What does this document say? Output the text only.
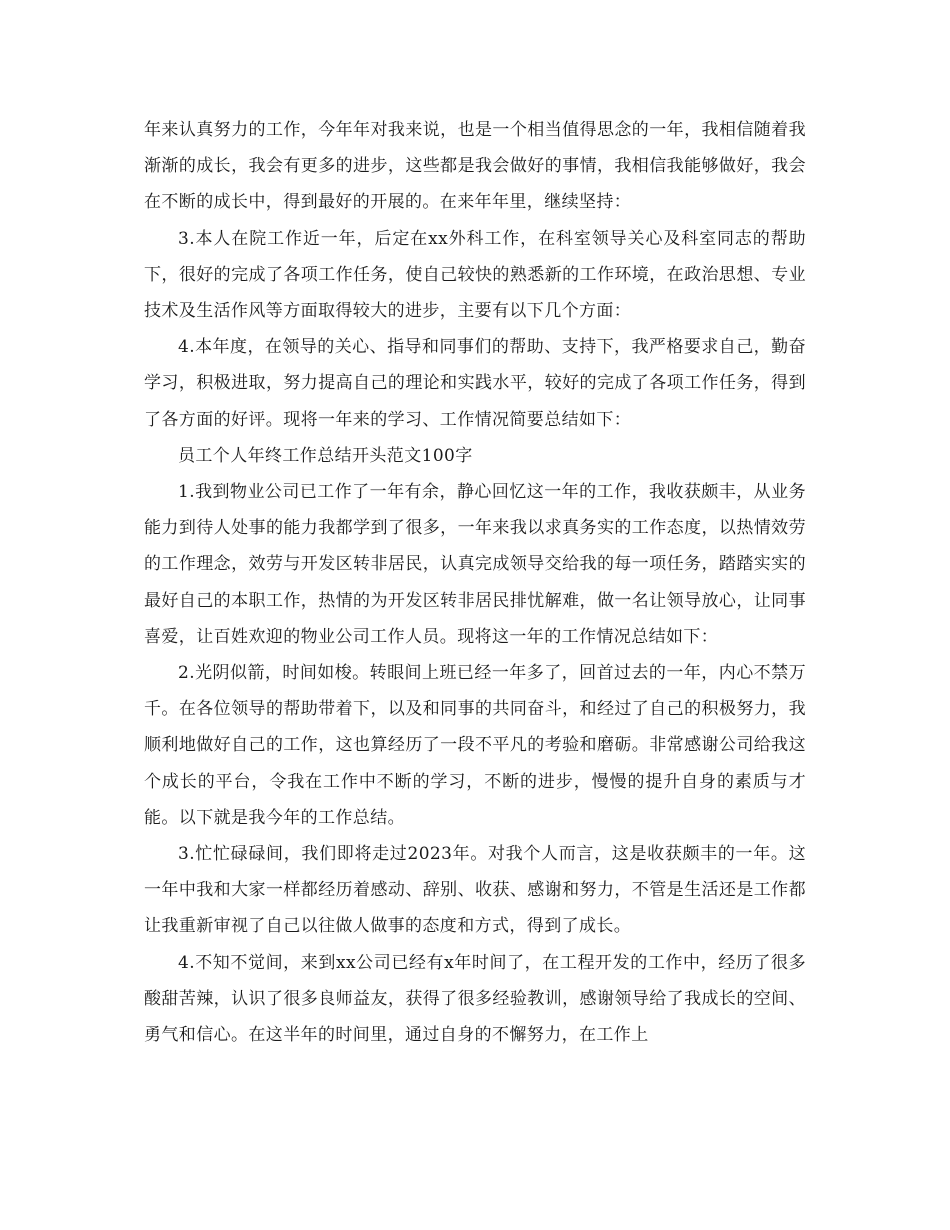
年来认真努力的工作，今年年对我来说，也是一个相当值得思念的一年，我相信随着我渐渐的成长，我会有更多的进步，这些都是我会做好的事情，我相信我能够做好，我会在不断的成长中，得到最好的开展的。在来年年里，继续坚持：

3.本人在院工作近一年，后定在xx外科工作，在科室领导关心及科室同志的帮助下，很好的完成了各项工作任务，使自己较快的熟悉新的工作环境，在政治思想、专业技术及生活作风等方面取得较大的进步，主要有以下几个方面：

4.本年度，在领导的关心、指导和同事们的帮助、支持下，我严格要求自己，勤奋学习，积极进取，努力提高自己的理论和实践水平，较好的完成了各项工作任务，得到了各方面的好评。现将一年来的学习、工作情况简要总结如下：

员工个人年终工作总结开头范文100字

1.我到物业公司已工作了一年有余，静心回忆这一年的工作，我收获颇丰，从业务能力到待人处事的能力我都学到了很多，一年来我以求真务实的工作态度，以热情效劳的工作理念，效劳与开发区转非居民，认真完成领导交给我的每一项任务，踏踏实实的最好自己的本职工作，热情的为开发区转非居民排忧解难，做一名让领导放心，让同事喜爱，让百姓欢迎的物业公司工作人员。现将这一年的工作情况总结如下：

2.光阴似箭，时间如梭。转眼间上班已经一年多了，回首过去的一年，内心不禁万千。在各位领导的帮助带着下，以及和同事的共同奋斗，和经过了自己的积极努力，我顺利地做好自己的工作，这也算经历了一段不平凡的考验和磨砺。非常感谢公司给我这个成长的平台，令我在工作中不断的学习，不断的进步，慢慢的提升自身的素质与才能。以下就是我今年的工作总结。

3.忙忙碌碌间，我们即将走过2023年。对我个人而言，这是收获颇丰的一年。这一年中我和大家一样都经历着感动、辞别、收获、感谢和努力，不管是生活还是工作都让我重新审视了自己以往做人做事的态度和方式，得到了成长。

4.不知不觉间，来到xx公司已经有x年时间了，在工程开发的工作中，经历了很多酸甜苦辣，认识了很多良师益友，获得了很多经验教训，感谢领导给了我成长的空间、勇气和信心。在这半年的时间里，通过自身的不懈努力，在工作上
